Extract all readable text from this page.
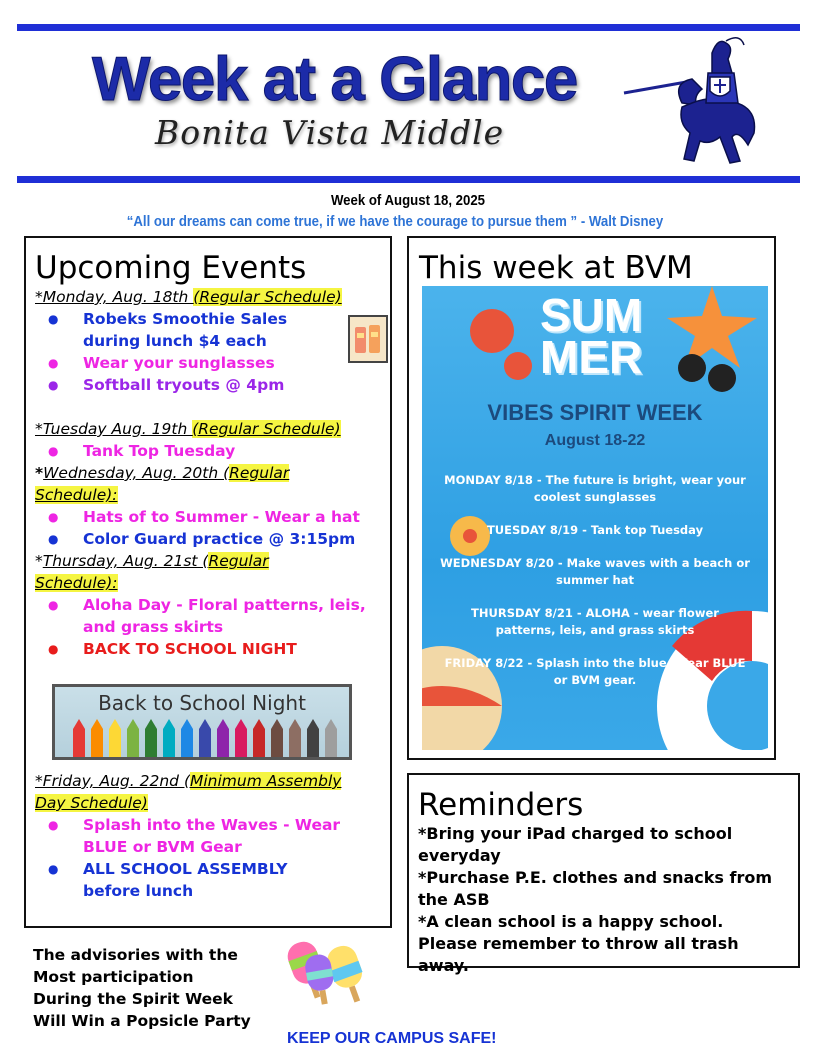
Week at a Glance
Bonita Vista Middle
Week of August 18, 2025
“All our dreams can come true, if we have the courage to pursue them ” - Walt Disney
Upcoming Events
*Monday, Aug. 18th (Regular Schedule)
● Robeks Smoothie Sales during lunch $4 each
● Wear your sunglasses
● Softball tryouts @ 4pm
*Tuesday Aug. 19th (Regular Schedule)
● Tank Top Tuesday
*Wednesday, Aug. 20th (Regular
Schedule):
● Hats of to Summer - Wear a hat
● Color Guard practice @ 3:15pm
*Thursday, Aug. 21st (Regular
Schedule):
● Aloha Day - Floral patterns, leis, and grass skirts
● BACK TO SCHOOL NIGHT
Back to School Night
*Friday, Aug. 22nd (Minimum Assembly
Day Schedule)
● Splash into the Waves - Wear BLUE or BVM Gear
● ALL SCHOOL ASSEMBLY before lunch
This week at BVM
SUM
MER
VIBES SPIRIT WEEK
August 18-22
MONDAY 8/18 - The future is bright, wear your coolest sunglasses
TUESDAY 8/19 - Tank top Tuesday
WEDNESDAY 8/20 - Make waves with a beach or summer hat
THURSDAY 8/21 - ALOHA - wear flower patterns, leis, and grass skirts
FRIDAY 8/22 - Splash into the blue. Wear BLUE or BVM gear.
Reminders
*Bring your iPad charged to school everyday
*Purchase P.E. clothes and snacks from the ASB
*A clean school is a happy school. Please remember to throw all trash away.
The advisories with the
Most participation
During the Spirit Week
Will Win a Popsicle Party
KEEP OUR CAMPUS SAFE!
